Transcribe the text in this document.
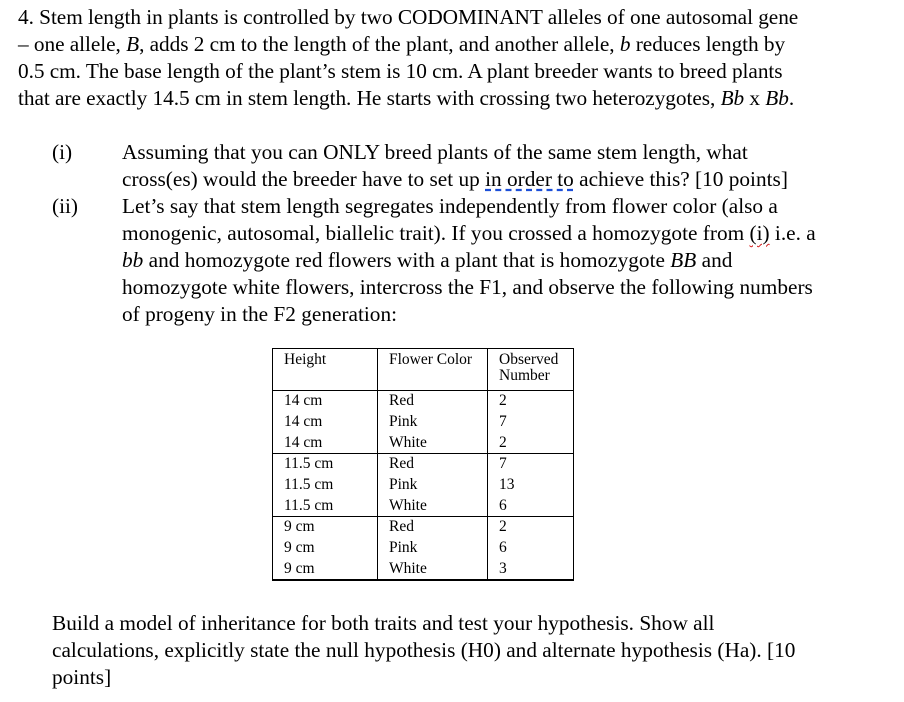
4. Stem length in plants is controlled by two CODOMINANT alleles of one autosomal gene
– one allele, B, adds 2 cm to the length of the plant, and another allele, b reduces length by
0.5 cm. The base length of the plant’s stem is 10 cm. A plant breeder wants to breed plants
that are exactly 14.5 cm in stem length. He starts with crossing two heterozygotes, Bb x Bb.
(i) Assuming that you can ONLY breed plants of the same stem length, what
cross(es) would the breeder have to set up in order to achieve this? [10 points]
(ii) Let’s say that stem length segregates independently from flower color (also a
monogenic, autosomal, biallelic trait). If you crossed a homozygote from (i) i.e. a
bb and homozygote red flowers with a plant that is homozygote BB and
homozygote white flowers, intercross the F1, and observe the following numbers
of progeny in the F2 generation:
Height	Flower Color	Observed
Number
14 cm	Red	2
14 cm	Pink	7
14 cm	White	2
11.5 cm	Red	7
11.5 cm	Pink	13
11.5 cm	White	6
9 cm	Red	2
9 cm	Pink	6
9 cm	White	3
Build a model of inheritance for both traits and test your hypothesis. Show all
calculations, explicitly state the null hypothesis (H0) and alternate hypothesis (Ha). [10
points]
